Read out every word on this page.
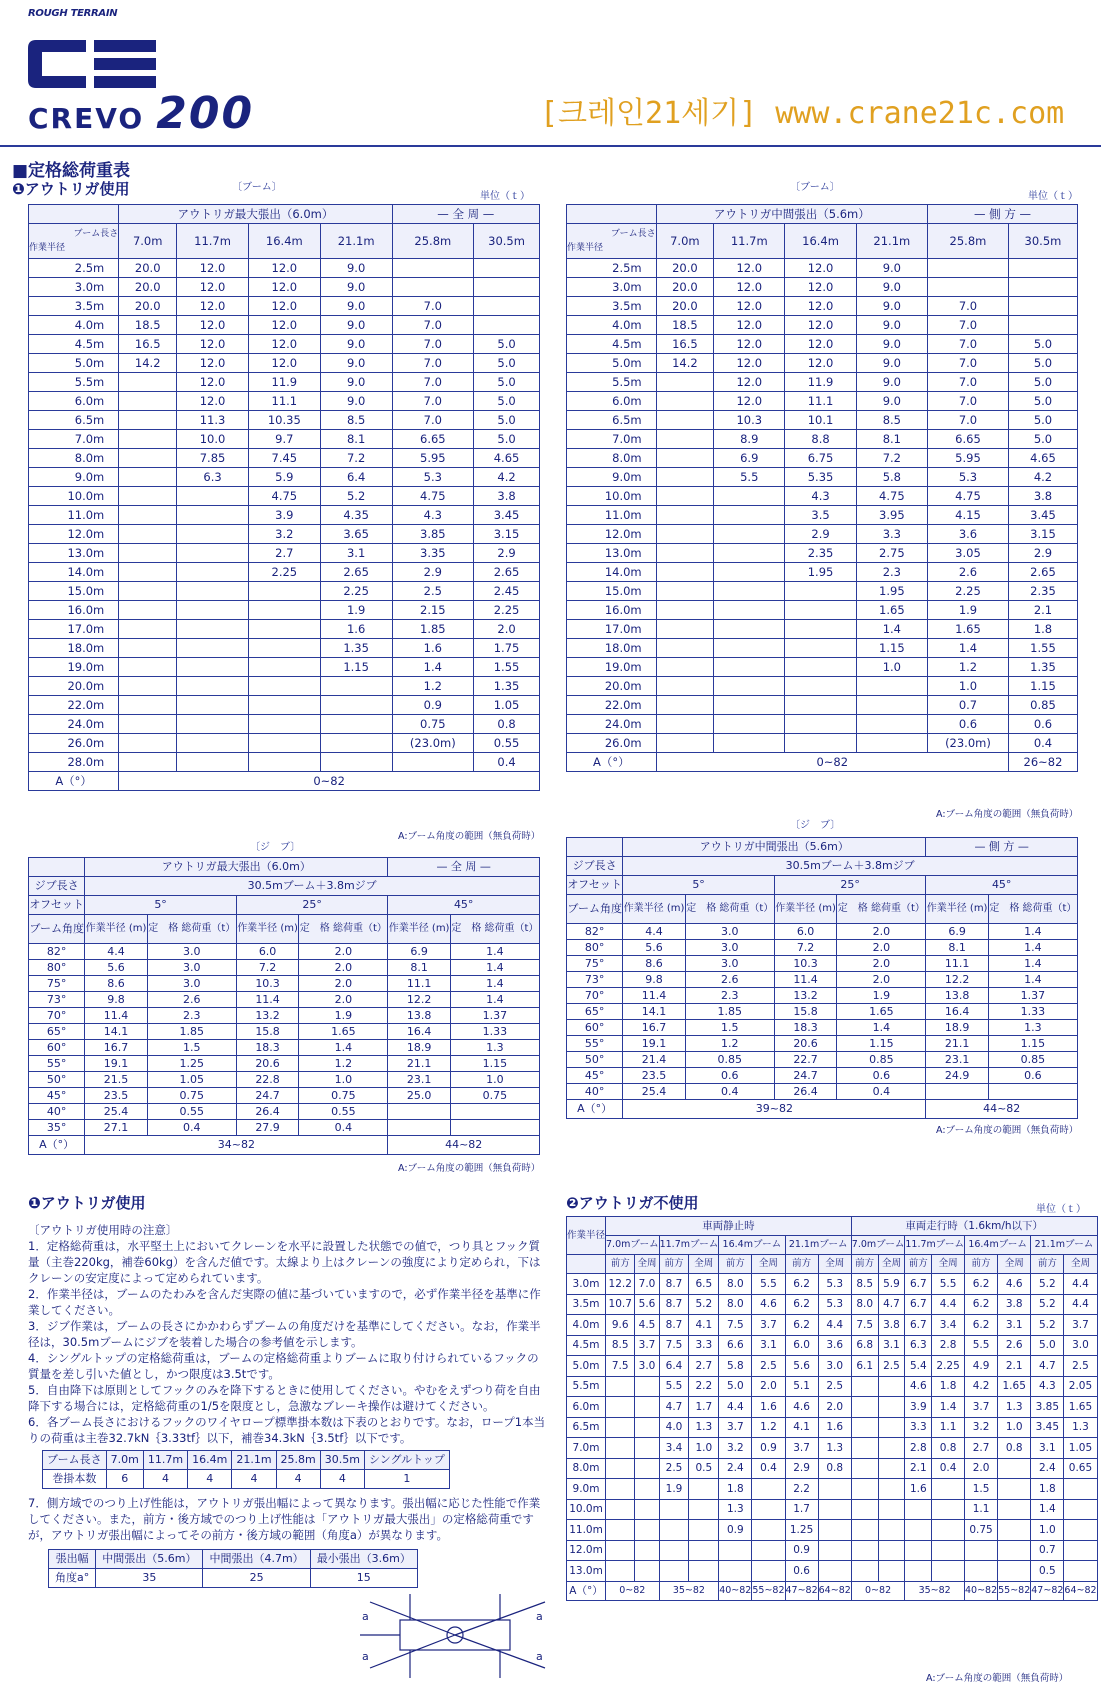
ROUGH TERRAIN
CREVO 200	[크레인21세기] www.crane21c.com
■定格総荷重表
❶アウトリガ使用	〔ブーム〕
単位（ｔ）
〔ブーム〕
単位（ｔ）
	アウトリガ最大張出（6.0m）				— 全 周 —	

ブーム長さ
作業半径	7.0m	11.7m	16.4m	21.1m	25.8m	30.5m
2.5m	20.0	12.0	12.0	9.0		
3.0m	20.0	12.0	12.0	9.0		
3.5m	20.0	12.0	12.0	9.0	7.0	
4.0m	18.5	12.0	12.0	9.0	7.0	
4.5m	16.5	12.0	12.0	9.0	7.0	5.0
5.0m	14.2	12.0	12.0	9.0	7.0	5.0
5.5m		12.0	11.9	9.0	7.0	5.0
6.0m		12.0	11.1	9.0	7.0	5.0
6.5m		11.3	10.35	8.5	7.0	5.0
7.0m		10.0	9.7	8.1	6.65	5.0
8.0m		7.85	7.45	7.2	5.95	4.65
9.0m		6.3	5.9	6.4	5.3	4.2
10.0m			4.75	5.2	4.75	3.8
11.0m			3.9	4.35	4.3	3.45
12.0m			3.2	3.65	3.85	3.15
13.0m			2.7	3.1	3.35	2.9
14.0m			2.25	2.65	2.9	2.65
15.0m				2.25	2.5	2.45
16.0m				1.9	2.15	2.25
17.0m				1.6	1.85	2.0
18.0m				1.35	1.6	1.75
19.0m				1.15	1.4	1.55
20.0m					1.2	1.35
22.0m					0.9	1.05
24.0m					0.75	0.8
26.0m					(23.0m)	0.55
28.0m						0.4
A（°）	0~82					
	アウトリガ中間張出（5.6m）				— 側 方 —	

ブーム長さ
作業半径	7.0m	11.7m	16.4m	21.1m	25.8m	30.5m
2.5m	20.0	12.0	12.0	9.0		
3.0m	20.0	12.0	12.0	9.0		
3.5m	20.0	12.0	12.0	9.0	7.0	
4.0m	18.5	12.0	12.0	9.0	7.0	
4.5m	16.5	12.0	12.0	9.0	7.0	5.0
5.0m	14.2	12.0	12.0	9.0	7.0	5.0
5.5m		12.0	11.9	9.0	7.0	5.0
6.0m		12.0	11.1	9.0	7.0	5.0
6.5m		10.3	10.1	8.5	7.0	5.0
7.0m		8.9	8.8	8.1	6.65	5.0
8.0m		6.9	6.75	7.2	5.95	4.65
9.0m		5.5	5.35	5.8	5.3	4.2
10.0m			4.3	4.75	4.75	3.8
11.0m			3.5	3.95	4.15	3.45
12.0m			2.9	3.3	3.6	3.15
13.0m			2.35	2.75	3.05	2.9
14.0m			1.95	2.3	2.6	2.65
15.0m				1.95	2.25	2.35
16.0m				1.65	1.9	2.1
17.0m				1.4	1.65	1.8
18.0m				1.15	1.4	1.55
19.0m				1.0	1.2	1.35
20.0m					1.0	1.15
22.0m					0.7	0.85
24.0m					0.6	0.6
26.0m					(23.0m)	0.4
A（°）	0~82					26~82
A:ブーム角度の範囲（無負荷時）
A:ブーム角度の範囲（無負荷時）
〔ジ　ブ〕
〔ジ　ブ〕
	アウトリガ最大張出（6.0m）				— 全 周 —	
ジブ長さ	30.5mブーム＋3.8mジブ					
オフセット	5°		25°		45°	
ブーム角度	作業半径 (m)	定　格 総荷重（t）	作業半径 (m)	定　格 総荷重（t）	作業半径 (m)	定　格 総荷重（t）
82°	4.4	3.0	6.0	2.0	6.9	1.4
80°	5.6	3.0	7.2	2.0	8.1	1.4
75°	8.6	3.0	10.3	2.0	11.1	1.4
73°	9.8	2.6	11.4	2.0	12.2	1.4
70°	11.4	2.3	13.2	1.9	13.8	1.37
65°	14.1	1.85	15.8	1.65	16.4	1.33
60°	16.7	1.5	18.3	1.4	18.9	1.3
55°	19.1	1.25	20.6	1.2	21.1	1.15
50°	21.5	1.05	22.8	1.0	23.1	1.0
45°	23.5	0.75	24.7	0.75	25.0	0.75
40°	25.4	0.55	26.4	0.55		
35°	27.1	0.4	27.9	0.4		
A（°）	34~82				44~82	
	アウトリガ中間張出（5.6m）				— 側 方 —	
ジブ長さ	30.5mブーム＋3.8mジブ					
オフセット	5°		25°		45°	
ブーム角度	作業半径 (m)	定　格 総荷重（t）	作業半径 (m)	定　格 総荷重（t）	作業半径 (m)	定　格 総荷重（t）
82°	4.4	3.0	6.0	2.0	6.9	1.4
80°	5.6	3.0	7.2	2.0	8.1	1.4
75°	8.6	3.0	10.3	2.0	11.1	1.4
73°	9.8	2.6	11.4	2.0	12.2	1.4
70°	11.4	2.3	13.2	1.9	13.8	1.37
65°	14.1	1.85	15.8	1.65	16.4	1.33
60°	16.7	1.5	18.3	1.4	18.9	1.3
55°	19.1	1.2	20.6	1.15	21.1	1.15
50°	21.4	0.85	22.7	0.85	23.1	0.85
45°	23.5	0.6	24.7	0.6	24.9	0.6
40°	25.4	0.4	26.4	0.4		
A（°）	39~82				44~82	
A:ブーム角度の範囲（無負荷時）
A:ブーム角度の範囲（無負荷時）
❶アウトリガ使用

〔アウトリガ使用時の注意〕

1．定格総荷重は，水平堅土上においてクレーンを水平に設置した状態での値で，つり具とフック質量（主巻220kg，補巻60kg）を含んだ値です。太線より上はクレーンの強度により定められ，下はクレーンの安定度によって定められています。

2．作業半径は，ブームのたわみを含んだ実際の値に基づいていますので，必ず作業半径を基準に作業してください。

3．ジブ作業は，ブームの長さにかかわらずブームの角度だけを基準にしてください。なお，作業半径は，30.5mブームにジブを装着した場合の参考値を示します。

4．シングルトップの定格総荷重は，ブームの定格総荷重よりブームに取り付けられているフックの質量を差し引いた値とし，かつ限度は3.5tです。

5．自由降下は原則としてフックのみを降下するときに使用してください。やむをえずつり荷を自由降下する場合には，定格総荷重の1/5を限度とし，急激なブレーキ操作は避けてください。

6．各ブーム長さにおけるフックのワイヤロープ標準掛本数は下表のとおりです。なお，ロープ1本当りの荷重は主巻32.7kN｛3.33tf｝以下，補巻34.3kN｛3.5tf｝以下です。

ブーム長さ	7.0m	11.7m	16.4m	21.1m	25.8m	30.5m	シングルトップ
巻掛本数	6	4	4	4	4	4	1

7．側方域でのつり上げ性能は，アウトリガ張出幅によって異なります。張出幅に応じた性能で作業してください。また，前方・後方域でのつり上げ性能は「アウトリガ最大張出」の定格総荷重ですが，アウトリガ張出幅によってその前方・後方域の範囲（角度a）が異なります。

張出幅	中間張出（5.6m）	中間張出（4.7m）	最小張出（3.6m）
角度a°	35	25	15
❷アウトリガ不使用	単位（ｔ）
作業半径	車両静止時								車両走行時（1.6km/h以下）							
	7.0mブーム		11.7mブーム		16.4mブーム		21.1mブーム		7.0mブーム		11.7mブーム		16.4mブーム		21.1mブーム	
	前方	全周	前方	全周	前方	全周	前方	全周	前方	全周	前方	全周	前方	全周	前方	全周
3.0m	12.2	7.0	8.7	6.5	8.0	5.5	6.2	5.3	8.5	5.9	6.7	5.5	6.2	4.6	5.2	4.4
3.5m	10.7	5.6	8.7	5.2	8.0	4.6	6.2	5.3	8.0	4.7	6.7	4.4	6.2	3.8	5.2	4.4
4.0m	9.6	4.5	8.7	4.1	7.5	3.7	6.2	4.4	7.5	3.8	6.7	3.4	6.2	3.1	5.2	3.7
4.5m	8.5	3.7	7.5	3.3	6.6	3.1	6.0	3.6	6.8	3.1	6.3	2.8	5.5	2.6	5.0	3.0
5.0m	7.5	3.0	6.4	2.7	5.8	2.5	5.6	3.0	6.1	2.5	5.4	2.25	4.9	2.1	4.7	2.5
5.5m			5.5	2.2	5.0	2.0	5.1	2.5			4.6	1.8	4.2	1.65	4.3	2.05
6.0m			4.7	1.7	4.4	1.6	4.6	2.0			3.9	1.4	3.7	1.3	3.85	1.65
6.5m			4.0	1.3	3.7	1.2	4.1	1.6			3.3	1.1	3.2	1.0	3.45	1.3
7.0m			3.4	1.0	3.2	0.9	3.7	1.3			2.8	0.8	2.7	0.8	3.1	1.05
8.0m			2.5	0.5	2.4	0.4	2.9	0.8			2.1	0.4	2.0		2.4	0.65
9.0m			1.9		1.8		2.2				1.6		1.5		1.8	
10.0m					1.3		1.7						1.1		1.4	
11.0m					0.9		1.25						0.75		1.0	
12.0m							0.9								0.7	
13.0m							0.6								0.5	
A（°）	0~82		35~82		40~82	55~82	47~82	64~82	0~82		35~82		40~82	55~82	47~82	64~82
A:ブーム角度の範囲（無負荷時）
a
a
a
a
